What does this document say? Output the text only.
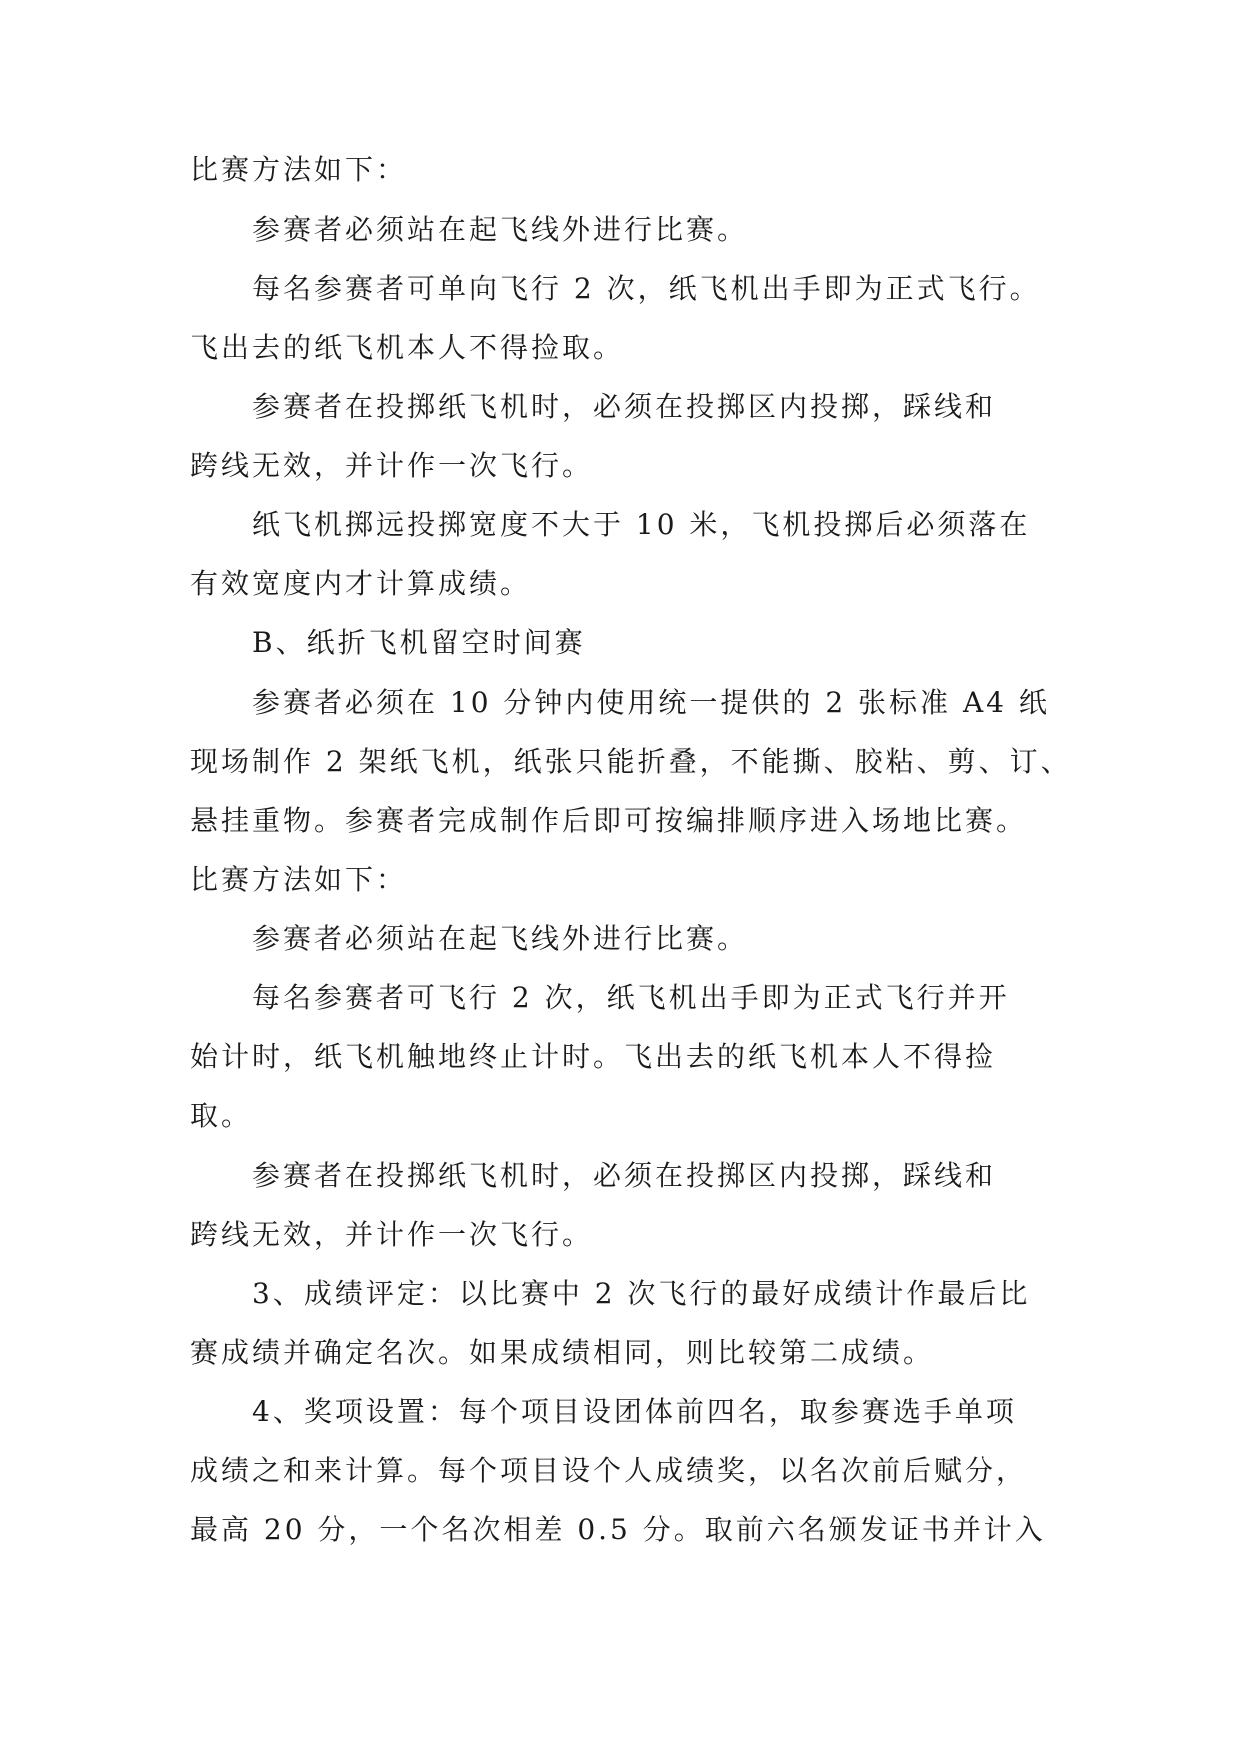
比赛方法如下：
参赛者必须站在起飞线外进行比赛。
每名参赛者可单向飞行 2 次，纸飞机出手即为正式飞行。
飞出去的纸飞机本人不得捡取。
参赛者在投掷纸飞机时，必须在投掷区内投掷，踩线和
跨线无效，并计作一次飞行。
纸飞机掷远投掷宽度不大于 10 米，飞机投掷后必须落在
有效宽度内才计算成绩。
B、纸折飞机留空时间赛
参赛者必须在 10 分钟内使用统一提供的 2 张标准 A4 纸
现场制作 2 架纸飞机，纸张只能折叠，不能撕、胶粘、剪、订、
悬挂重物。参赛者完成制作后即可按编排顺序进入场地比赛。
比赛方法如下：
参赛者必须站在起飞线外进行比赛。
每名参赛者可飞行 2 次，纸飞机出手即为正式飞行并开
始计时，纸飞机触地终止计时。飞出去的纸飞机本人不得捡
取。
参赛者在投掷纸飞机时，必须在投掷区内投掷，踩线和
跨线无效，并计作一次飞行。
3、成绩评定：以比赛中 2 次飞行的最好成绩计作最后比
赛成绩并确定名次。如果成绩相同，则比较第二成绩。
4、奖项设置：每个项目设团体前四名，取参赛选手单项
成绩之和来计算。每个项目设个人成绩奖，以名次前后赋分，
最高 20 分，一个名次相差 0.5 分。取前六名颁发证书并计入
